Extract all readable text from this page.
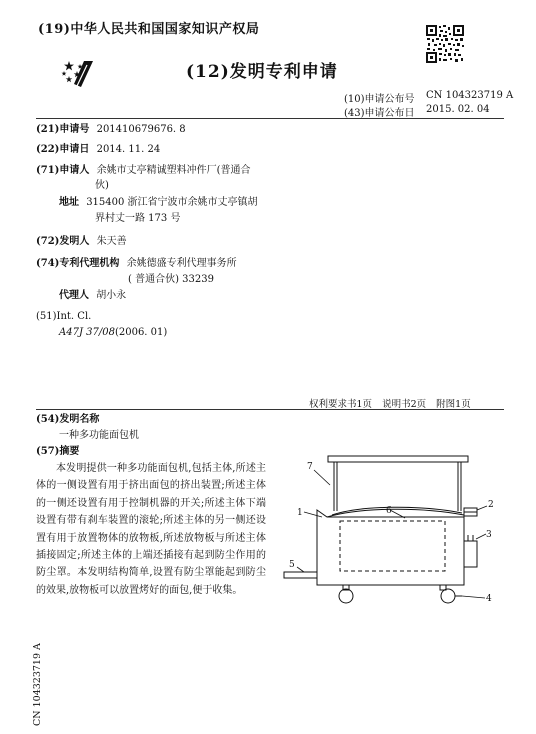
(19)中华人民共和国国家知识产权局
(12)发明专利申请
(10)申请公布号 CN 104323719 A
(43)申请公布日 2015. 02. 04
(21)申请号 201410679676. 8
(22)申请日 2014. 11. 24
(71)申请人 余姚市丈亭精诚塑料冲件厂(普通合
伙)
地址 315400 浙江省宁波市余姚市丈亭镇胡
界村丈一路 173 号
(72)发明人 朱天善
(74)专利代理机构 余姚德盛专利代理事务所
( 普通合伙) 33239
代理人 胡小永
(51)Int. Cl.
A47J 37/08(2006. 01)
权利要求书1页 说明书2页 附图1页
(54)发明名称
一种多功能面包机
(57)摘要

本发明提供一种多功能面包机,包括主体,所述主体的一侧设置有用于挤出面包的挤出装置;所述主体的一侧还设置有用于控制机器的开关;所述主体下端设置有带有刹车装置的滚轮;所述主体的另一侧还设置有用于放置物体的放物板,所述放物板与所述主体插接固定;所述主体的上端还插接有起到防尘作用的防尘罩。本发明结构简单,设置有防尘罩能起到防尘的效果,放物板可以放置烤好的面包,便于收集。

7
1	6
2
3
4
5
CN 104323719 A
